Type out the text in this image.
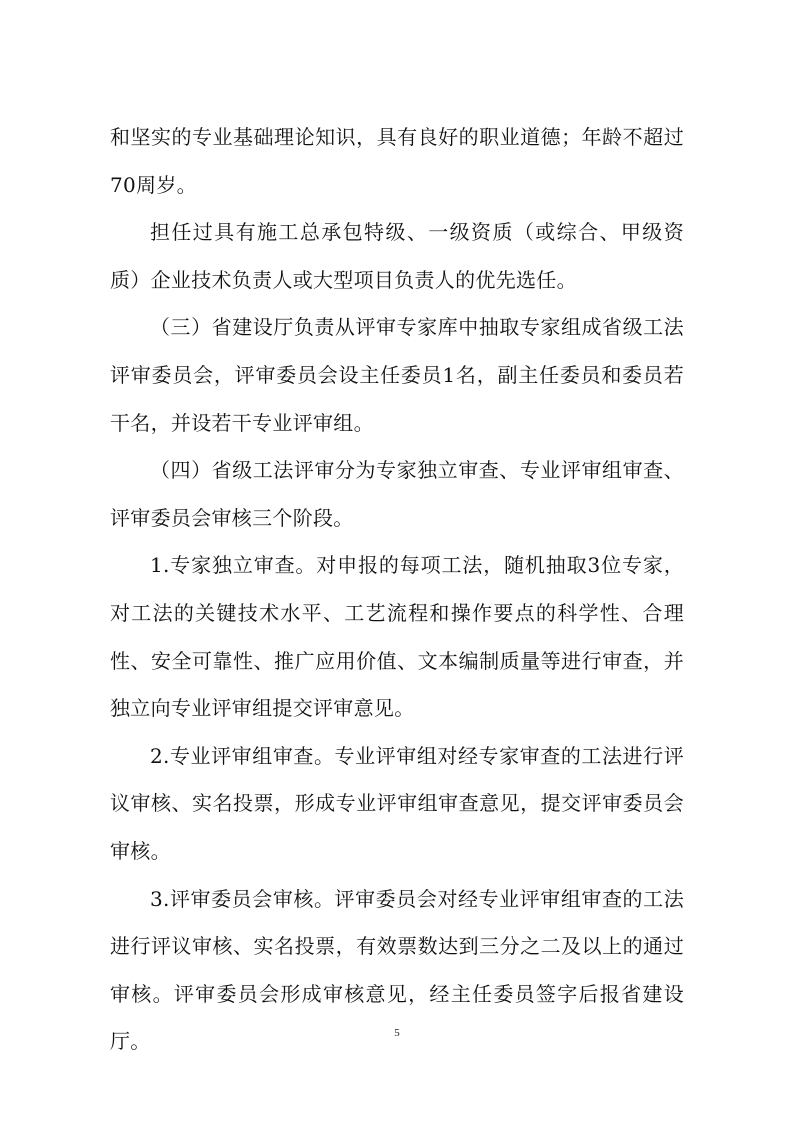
和坚实的专业基础理论知识，具有良好的职业道德；年龄不超过70周岁。

担任过具有施工总承包特级、一级资质（或综合、甲级资质）企业技术负责人或大型项目负责人的优先选任。

（三）省建设厅负责从评审专家库中抽取专家组成省级工法评审委员会，评审委员会设主任委员1名，副主任委员和委员若干名，并设若干专业评审组。

（四）省级工法评审分为专家独立审查、专业评审组审查、评审委员会审核三个阶段。

1.专家独立审查。对申报的每项工法，随机抽取3位专家，对工法的关键技术水平、工艺流程和操作要点的科学性、合理性、安全可靠性、推广应用价值、文本编制质量等进行审查，并独立向专业评审组提交评审意见。

2.专业评审组审查。专业评审组对经专家审查的工法进行评议审核、实名投票，形成专业评审组审查意见，提交评审委员会审核。

3.评审委员会审核。评审委员会对经专业评审组审查的工法进行评议审核、实名投票，有效票数达到三分之二及以上的通过审核。评审委员会形成审核意见，经主任委员签字后报省建设厅。	5
